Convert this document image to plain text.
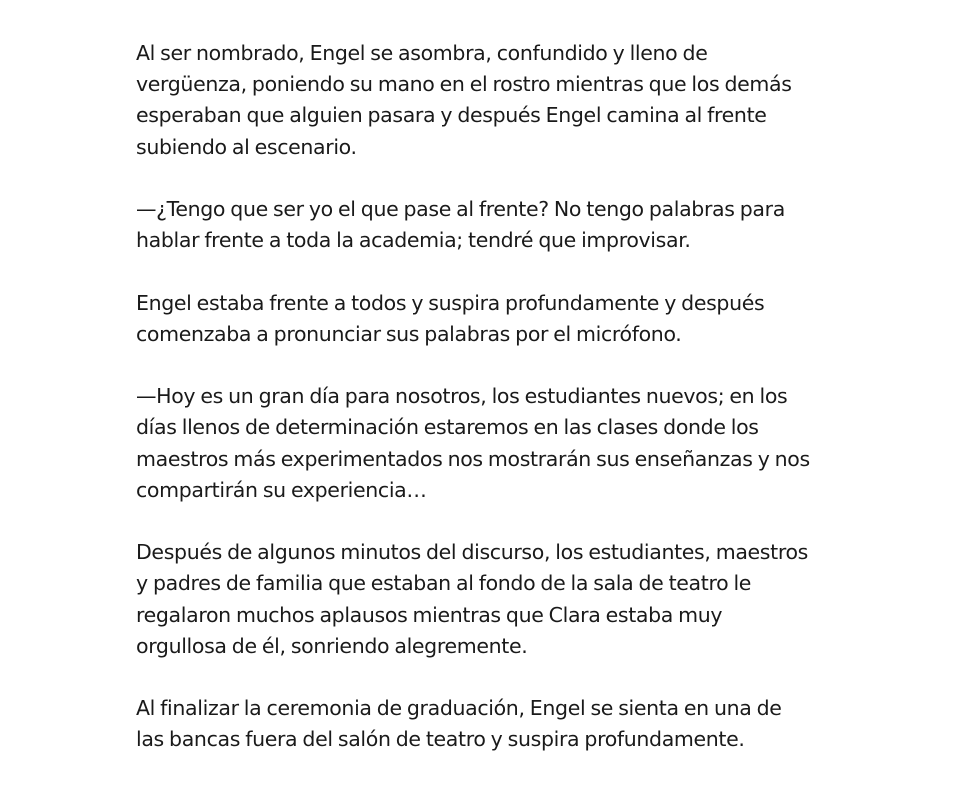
Al ser nombrado, Engel se asombra, confundido y lleno de
vergüenza, poniendo su mano en el rostro mientras que los demás
esperaban que alguien pasara y después Engel camina al frente
subiendo al escenario.

—¿Tengo que ser yo el que pase al frente? No tengo palabras para
hablar frente a toda la academia; tendré que improvisar.

Engel estaba frente a todos y suspira profundamente y después
comenzaba a pronunciar sus palabras por el micrófono.

—Hoy es un gran día para nosotros, los estudiantes nuevos; en los
días llenos de determinación estaremos en las clases donde los
maestros más experimentados nos mostrarán sus enseñanzas y nos
compartirán su experiencia…

Después de algunos minutos del discurso, los estudiantes, maestros
y padres de familia que estaban al fondo de la sala de teatro le
regalaron muchos aplausos mientras que Clara estaba muy
orgullosa de él, sonriendo alegremente.

Al finalizar la ceremonia de graduación, Engel se sienta en una de
las bancas fuera del salón de teatro y suspira profundamente.
